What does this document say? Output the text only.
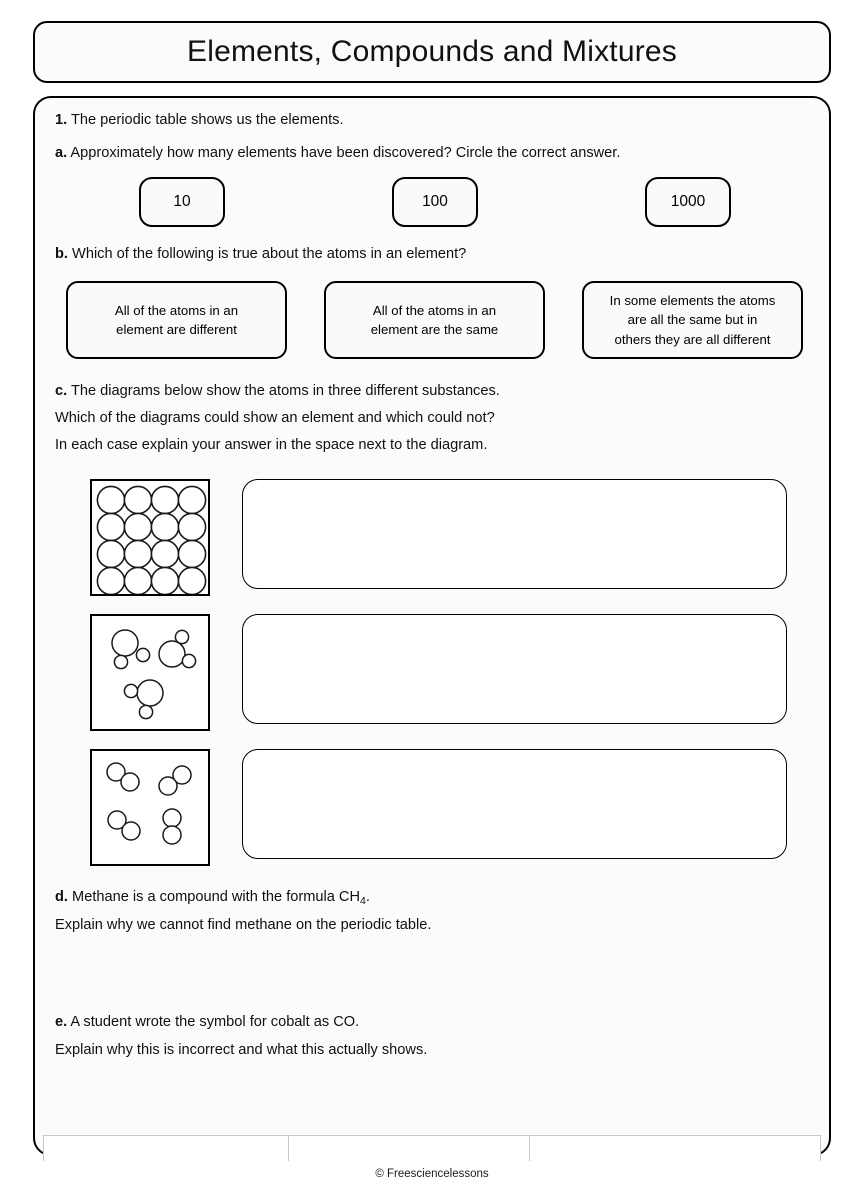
Elements, Compounds and Mixtures
1. The periodic table shows us the elements.
a. Approximately how many elements have been discovered? Circle the correct answer.
10	100	1000
b. Which of the following is true about the atoms in an element?
All of the atoms in an
element are different
All of the atoms in an
element are the same
In some elements the atoms
are all the same but in
others they are all different
c. The diagrams below show the atoms in three different substances.
Which of the diagrams could show an element and which could not?
In each case explain your answer in the space next to the diagram.
d. Methane is a compound with the formula $CH_4$.
Explain why we cannot find methane on the periodic table.
e. A student wrote the symbol for cobalt as CO.
Explain why this is incorrect and what this actually shows.
© Freesciencelessons
